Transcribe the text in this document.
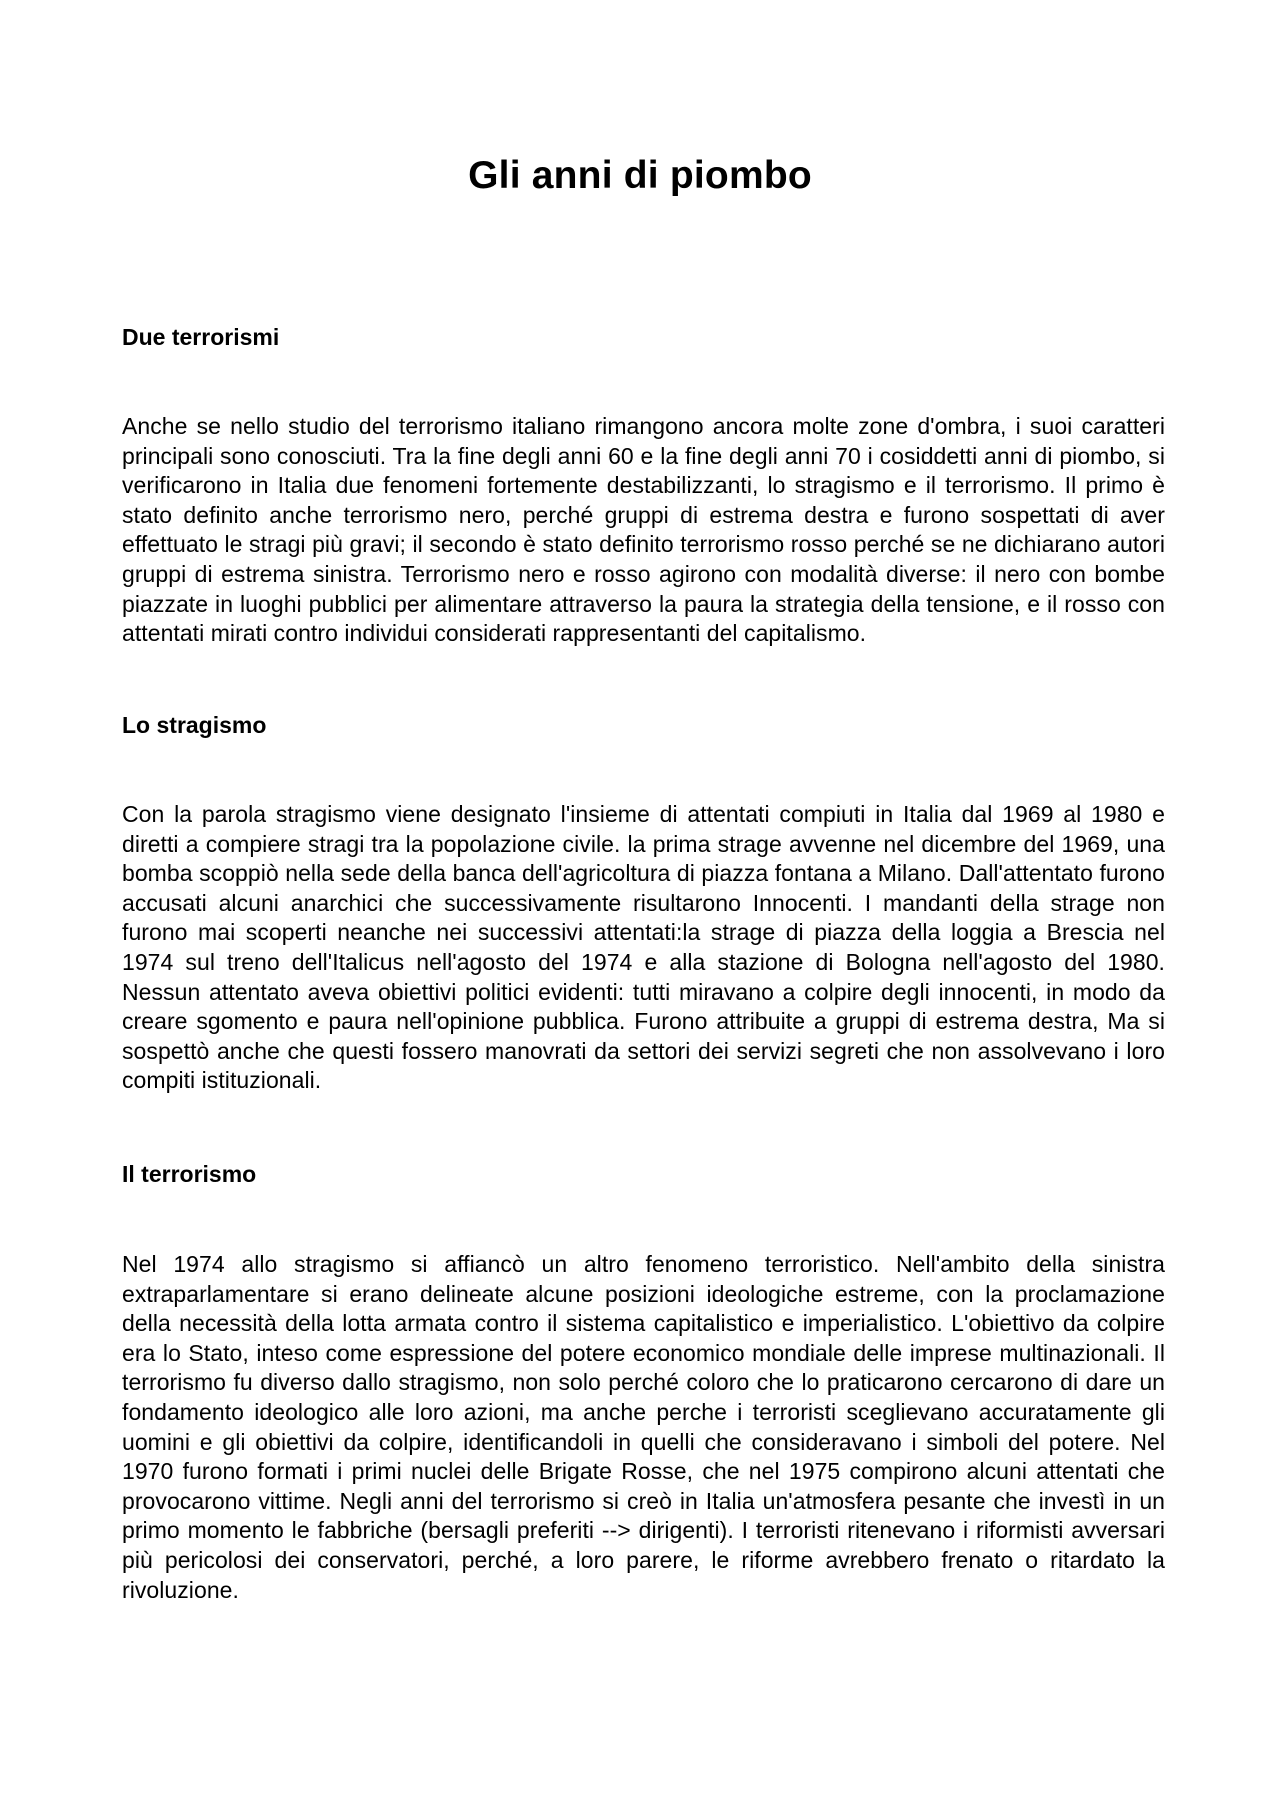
Gli anni di piombo
Due terrorismi

Anche se nello studio del terrorismo italiano rimangono ancora molte zone d'ombra, i suoi caratteri principali sono conosciuti. Tra la fine degli anni 60 e la fine degli anni 70 i cosiddetti anni di piombo, si verificarono in Italia due fenomeni fortemente destabilizzanti, lo stragismo e il terrorismo. Il primo è stato definito anche terrorismo nero, perché gruppi di estrema destra e furono sospettati di aver effettuato le stragi più gravi; il secondo è stato definito terrorismo rosso perché se ne dichiarano autori gruppi di estrema sinistra. Terrorismo nero e rosso agirono con modalità diverse: il nero con bombe piazzate in luoghi pubblici per alimentare attraverso la paura la strategia della tensione, e il rosso con attentati mirati contro individui considerati rappresentanti del capitalismo.

Lo stragismo

Con la parola stragismo viene designato l'insieme di attentati compiuti in Italia dal 1969 al 1980 e diretti a compiere stragi tra la popolazione civile. la prima strage avvenne nel dicembre del 1969, una bomba scoppiò nella sede della banca dell'agricoltura di piazza fontana a Milano. Dall'attentato furono accusati alcuni anarchici che successivamente risultarono Innocenti. I mandanti della strage non furono mai scoperti neanche nei successivi attentati:la strage di piazza della loggia a Brescia nel 1974 sul treno dell'Italicus nell'agosto del 1974 e alla stazione di Bologna nell'agosto del 1980. Nessun attentato aveva obiettivi politici evidenti: tutti miravano a colpire degli innocenti, in modo da creare sgomento e paura nell'opinione pubblica. Furono attribuite a gruppi di estrema destra, Ma si sospettò anche che questi fossero manovrati da settori dei servizi segreti che non assolvevano i loro compiti istituzionali.

Il terrorismo

Nel 1974 allo stragismo si affiancò un altro fenomeno terroristico. Nell'ambito della sinistra extraparlamentare si erano delineate alcune posizioni ideologiche estreme, con la proclamazione della necessità della lotta armata contro il sistema capitalistico e imperialistico. L'obiettivo da colpire era lo Stato, inteso come espressione del potere economico mondiale delle imprese multinazionali. Il terrorismo fu diverso dallo stragismo, non solo perché coloro che lo praticarono cercarono di dare un fondamento ideologico alle loro azioni, ma anche perche i terroristi sceglievano accuratamente gli uomini e gli obiettivi da colpire, identificandoli in quelli che consideravano i simboli del potere. Nel 1970 furono formati i primi nuclei delle Brigate Rosse, che nel 1975 compirono alcuni attentati che provocarono vittime. Negli anni del terrorismo si creò in Italia un'atmosfera pesante che investì in un primo momento le fabbriche (bersagli preferiti --> dirigenti). I terroristi ritenevano i riformisti avversari più pericolosi dei conservatori, perché, a loro parere, le riforme avrebbero frenato o ritardato la rivoluzione.
